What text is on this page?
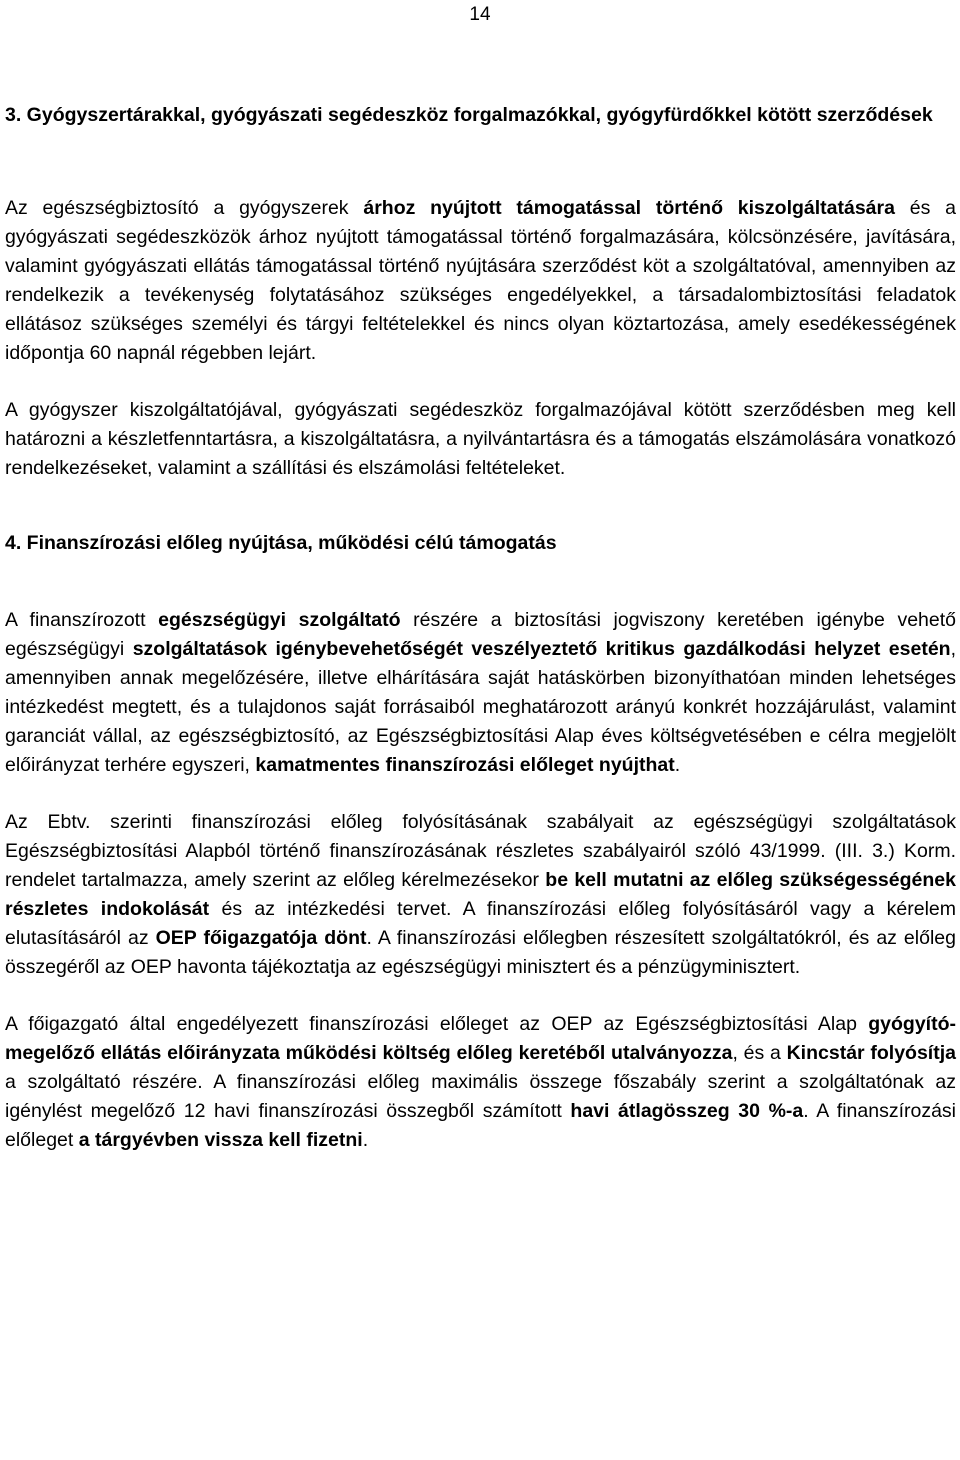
14
3. Gyógyszertárakkal, gyógyászati segédeszköz forgalmazókkal, gyógyfürdőkkel kötött szerződések

Az egészségbiztosító a gyógyszerek árhoz nyújtott támogatással történő kiszolgáltatására és a gyógyászati segédeszközök árhoz nyújtott támogatással történő forgalmazására, kölcsönzésére, javítására, valamint gyógyászati ellátás támogatással történő nyújtására szerződést köt a szolgáltatóval, amennyiben az rendelkezik a tevékenység folytatásához szükséges engedélyekkel, a társadalombiztosítási feladatok ellátásoz szükséges személyi és tárgyi feltételekkel és nincs olyan köztartozása, amely esedékességének időpontja 60 napnál régebben lejárt.

A gyógyszer kiszolgáltatójával, gyógyászati segédeszköz forgalmazójával kötött szerződésben meg kell határozni a készletfenntartásra, a kiszolgáltatásra, a nyilvántartásra és a támogatás elszámolására vonatkozó rendelkezéseket, valamint a szállítási és elszámolási feltételeket.

4. Finanszírozási előleg nyújtása, működési célú támogatás

A finanszírozott egészségügyi szolgáltató részére a biztosítási jogviszony keretében igénybe vehető egészségügyi szolgáltatások igénybevehetőségét veszélyeztető kritikus gazdálkodási helyzet esetén, amennyiben annak megelőzésére, illetve elhárítására saját hatáskörben bizonyíthatóan minden lehetséges intézkedést megtett, és a tulajdonos saját forrásaiból meghatározott arányú konkrét hozzájárulást, valamint garanciát vállal, az egészségbiztosító, az Egészségbiztosítási Alap éves költségvetésében e célra megjelölt előirányzat terhére egyszeri, kamatmentes finanszírozási előleget nyújthat.

Az Ebtv. szerinti finanszírozási előleg folyósításának szabályait az egészségügyi szolgáltatások Egészségbiztosítási Alapból történő finanszírozásának részletes szabályairól szóló 43/1999. (III. 3.) Korm. rendelet tartalmazza, amely szerint az előleg kérelmezésekor be kell mutatni az előleg szükségességének részletes indokolását és az intézkedési tervet. A finanszírozási előleg folyósításáról vagy a kérelem elutasításáról az OEP főigazgatója dönt. A finanszírozási előlegben részesített szolgáltatókról, és az előleg összegéről az OEP havonta tájékoztatja az egészségügyi minisztert és a pénzügyminisztert.

A főigazgató által engedélyezett finanszírozási előleget az OEP az Egészségbiztosítási Alap gyógyító-megelőző ellátás előirányzata működési költség előleg keretéből utalványozza, és a Kincstár folyósítja a szolgáltató részére. A finanszírozási előleg maximális összege főszabály szerint a szolgáltatónak az igénylést megelőző 12 havi finanszírozási összegből számított havi átlagösszeg 30 %-a. A finanszírozási előleget a tárgyévben vissza kell fizetni.
